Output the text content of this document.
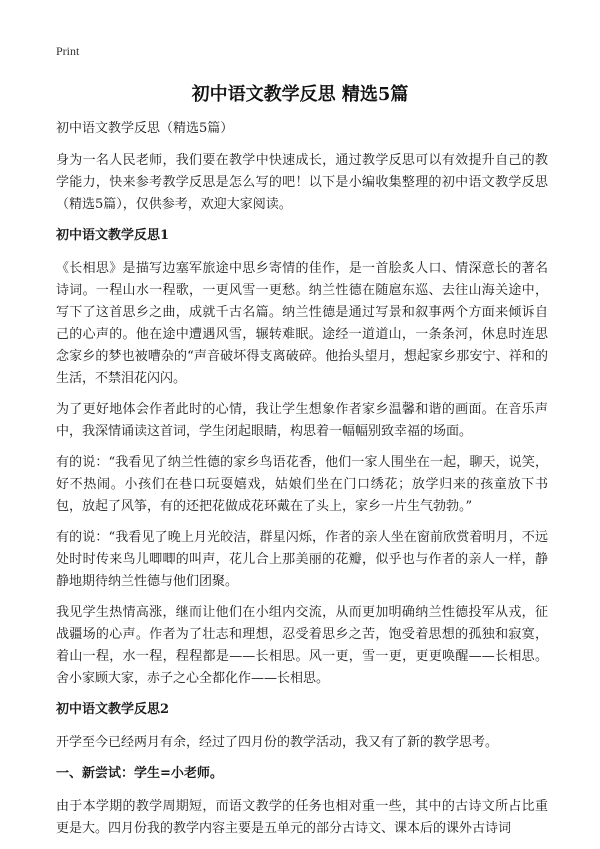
Print
初中语文教学反思 精选5篇

初中语文教学反思（精选5篇）

身为一名人民老师，我们要在教学中快速成长，通过教学反思可以有效提升自己的教学能力，快来参考教学反思是怎么写的吧！以下是小编收集整理的初中语文教学反思（精选5篇），仅供参考，欢迎大家阅读。

初中语文教学反思1

《长相思》是描写边塞军旅途中思乡寄情的佳作，是一首脍炙人口、情深意长的著名诗词。一程山水一程歌，一更风雪一更愁。纳兰性德在随扈东巡、去往山海关途中，写下了这首思乡之曲，成就千古名篇。纳兰性德是通过写景和叙事两个方面来倾诉自己的心声的。他在途中遭遇风雪，辗转难眠。途经一道道山，一条条河，休息时连思念家乡的梦也被嘈杂的“声音破坏得支离破碎。他抬头望月，想起家乡那安宁、祥和的生活，不禁泪花闪闪。

为了更好地体会作者此时的心情，我让学生想象作者家乡温馨和谐的画面。在音乐声中，我深情诵读这首词，学生闭起眼睛，构思着一幅幅别致幸福的场面。

有的说：“我看见了纳兰性德的家乡鸟语花香，他们一家人围坐在一起，聊天，说笑，好不热闹。小孩们在巷口玩耍嬉戏，姑娘们坐在门口绣花；放学归来的孩童放下书包，放起了风筝，有的还把花做成花环戴在了头上，家乡一片生气勃勃。”

有的说：“我看见了晚上月光皎洁，群星闪烁，作者的亲人坐在窗前欣赏着明月，不远处时时传来鸟儿唧唧的叫声，花儿合上那美丽的花瓣，似乎也与作者的亲人一样，静静地期待纳兰性德与他们团聚。

我见学生热情高涨，继而让他们在小组内交流，从而更加明确纳兰性德投军从戎，征战疆场的心声。作者为了壮志和理想，忍受着思乡之苦，饱受着思想的孤独和寂寞，着山一程，水一程，程程都是——长相思。风一更，雪一更，更更唤醒——长相思。舍小家顾大家，赤子之心全都化作——长相思。

初中语文教学反思2

开学至今已经两月有余，经过了四月份的教学活动，我又有了新的教学思考。

一、新尝试：学生=小老师。

由于本学期的教学周期短，而语文教学的任务也相对重一些，其中的古诗文所占比重更是大。四月份我的教学内容主要是五单元的部分古诗文、课本后的课外古诗词
